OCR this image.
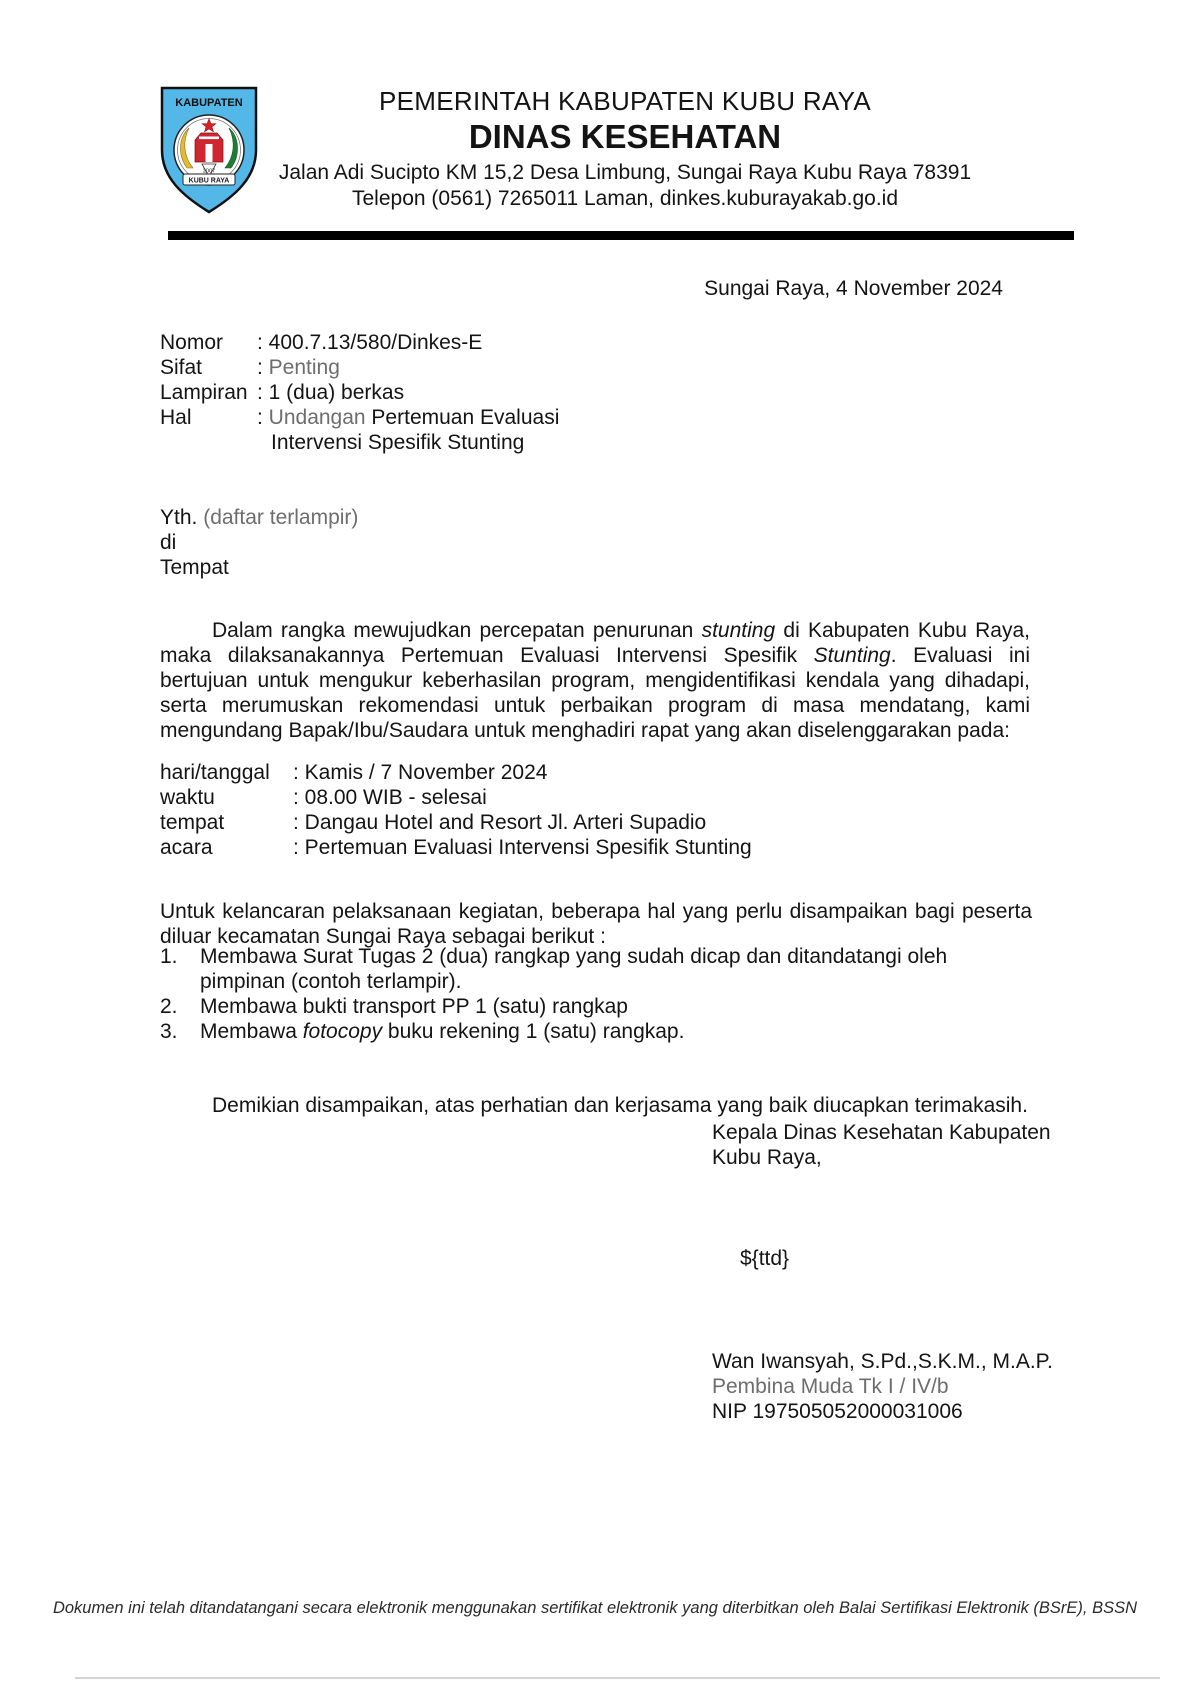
KABUPATEN
2007
KUBU RAYA
PEMERINTAH KABUPATEN KUBU RAYA
DINAS KESEHATAN
Jalan Adi Sucipto KM 15,2 Desa Limbung, Sungai Raya Kubu Raya 78391
Telepon (0561) 7265011 Laman, dinkes.kuburayakab.go.id
Sungai Raya, 4 November 2024
Nomor	: 400.7.13/580/Dinkes-E
Sifat	: Penting
Lampiran : 1 (dua) berkas
Hal	: Undangan Pertemuan Evaluasi
Intervensi Spesifik Stunting
Yth. (daftar terlampir)
di
Tempat

Dalam rangka mewujudkan percepatan penurunan stunting di Kabupaten Kubu Raya, maka dilaksanakannya Pertemuan Evaluasi Intervensi Spesifik Stunting. Evaluasi ini bertujuan untuk mengukur keberhasilan program, mengidentifikasi kendala yang dihadapi, serta merumuskan rekomendasi untuk perbaikan program di masa mendatang, kami mengundang Bapak/Ibu/Saudara untuk menghadiri rapat yang akan diselenggarakan pada:

hari/tanggal	: Kamis / 7 November 2024
waktu	: 08.00 WIB - selesai
tempat	: Dangau Hotel and Resort Jl. Arteri Supadio
acara	: Pertemuan Evaluasi Intervensi Spesifik Stunting

Untuk kelancaran pelaksanaan kegiatan, beberapa hal yang perlu disampaikan bagi peserta diluar kecamatan Sungai Raya sebagai berikut :

1.	Membawa Surat Tugas 2 (dua) rangkap yang sudah dicap dan ditandatangi oleh pimpinan (contoh terlampir).
2.	Membawa bukti transport PP 1 (satu) rangkap
3.	Membawa fotocopy buku rekening 1 (satu) rangkap.

Demikian disampaikan, atas perhatian dan kerjasama yang baik diucapkan terimakasih.

Kepala Dinas Kesehatan Kabupaten Kubu Raya,
${ttd}
Wan Iwansyah, S.Pd.,S.K.M., M.A.P.
Pembina Muda Tk I / IV/b
NIP 197505052000031006
Dokumen ini telah ditandatangani secara elektronik menggunakan sertifikat elektronik yang diterbitkan oleh Balai Sertifikasi Elektronik (BSrE), BSSN
